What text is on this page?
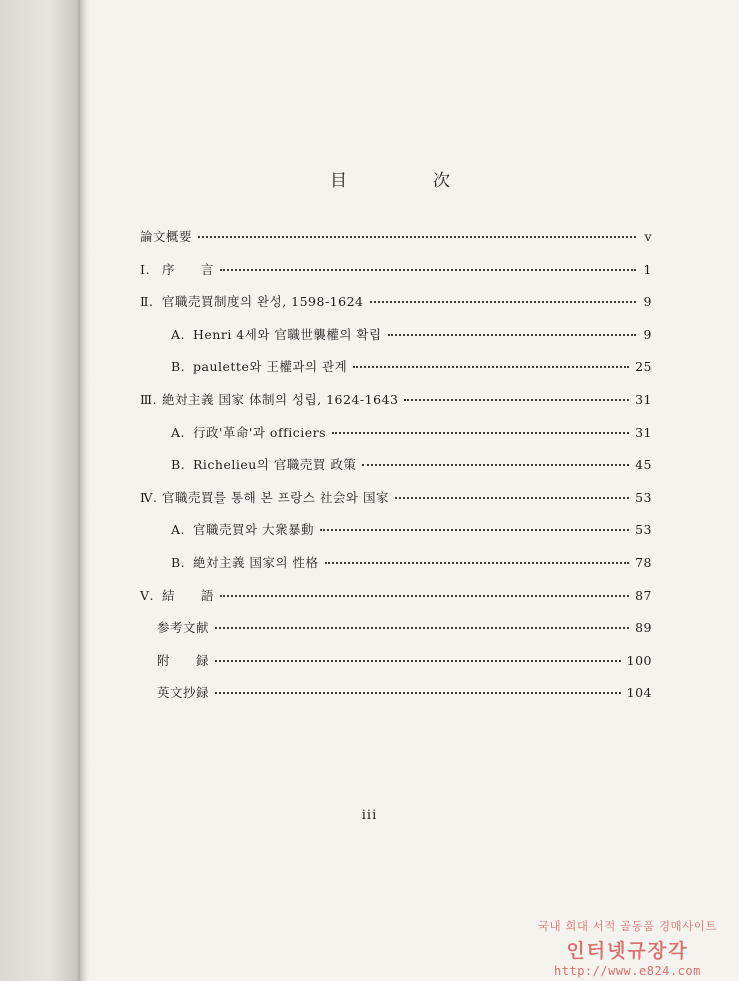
目	次
論文概要	v
Ⅰ. 序　　言	1
Ⅱ. 官職売買制度의 완성, 1598-1624	9
A. Henri 4세와 官職世襲權의 확립	9
B. paulette와 王權과의 관계	25
Ⅲ. 絶対主義 国家 体制의 성립, 1624-1643	31
A. 行政'革命'과 officiers	31
B. Richelieu의 官職売買 政策	45
Ⅳ. 官職売買를 통해 본 프랑스 社会와 国家	53
A. 官職売買와 大衆暴動	53
B. 絶対主義 国家의 性格	78
Ⅴ. 結　　語	87
参考文献	89
附　　録	100
英文抄録	104
iii
국내 희대 서적 골동품 경매사이트
인터넷규장각
http://www.e824.com
